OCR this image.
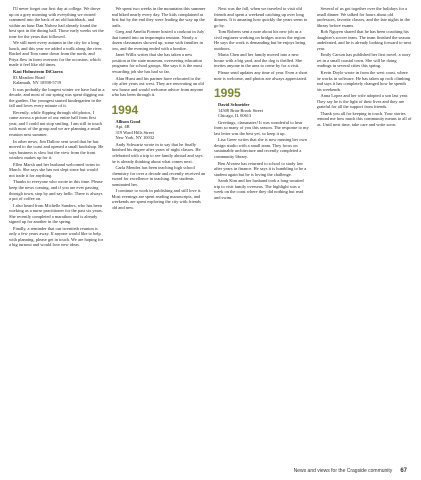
I'll never forget our first day at college. We drove up on a grey morning with everything we owned crammed into the back of an old hatchback, and within an hour Dan Nalvez had already found the best spot in the dining hall. Those early weeks set the tone for the years that followed.

We still meet every autumn in the city for a long lunch, and this year we added a walk along the river. Rachel and Tom came down from the north, and Priya flew in from overseas for the occasion, which made it feel like old times.

Kasi Holmstrom DiCiarra
83 Meadow Road
Kalamath, NY 10598-5719

It was probably the longest winter we have had in a decade, and most of our spring was spent digging out the garden. Our youngest started kindergarten in the fall and loves every minute of it.

Recently, while flipping through old photos, I came across a picture of our entire hall from first year, and I could not stop smiling. I am still in touch with most of the group and we are planning a small reunion next summer.

In other news, Jim Dallow sent word that he has moved to the coast and opened a small bookshop. He says business is slow but the view from the front window makes up for it.

Ellen Marsh and her husband welcomed twins in March. She says she has not slept since but would not trade it for anything.

Thanks to everyone who wrote in this time. Please keep the news coming, and if you are ever passing through town, stop by and say hello. There is always a pot of coffee on.

I also heard from Michelle Sanders, who has been working as a nurse practitioner for the past six years. She recently completed a marathon and is already signed up for another in the spring.

Finally, a reminder that our twentieth reunion is only a few years away. If anyone would like to help with planning, please get in touch. We are hoping for a big turnout and would love new ideas.

We spent two weeks in the mountains this summer and hiked nearly every day. The kids complained at first but by the end they were leading the way up the trails.

Greg and Amelia Fortner hosted a cookout in July that turned into an impromptu reunion. Nearly a dozen classmates showed up, some with families in tow, and the evening ended with a bonfire.

Janet Willis writes that she has taken a new position at the state museum, overseeing education programs for school groups. She says it is the most rewarding job she has had so far.

Alan Hurst and his partner have relocated to the city after years out west. They are renovating an old row house and would welcome advice from anyone who has been through it.

1994

Allison Good
Apt. 4B
319 Ward Hills Street
New York, NY 10032

Andy Schwartz wrote in to say that he finally finished his degree after years of night classes. He celebrated with a trip to see family abroad and says he is already thinking about what comes next.

Carla Mendez has been teaching high school chemistry for over a decade and recently received an award for excellence in teaching. Her students nominated her.

I continue to work in publishing and still love it. Most evenings are spent reading manuscripts, and weekends are spent exploring the city with friends old and new.

Next was the fall, when we traveled to visit old friends and spent a weekend catching up over long dinners. It is amazing how quickly the years seem to go by.

Tom Roberts sent a note about his new job as a civil engineer working on bridges across the region. He says the work is demanding but he enjoys being outdoors.

Maria Chen and her family moved into a new house with a big yard, and the dog is thrilled. She invites anyone in the area to come by for a visit.

Please send updates any time of year. Even a short note is welcome, and photos are always appreciated.

1995

David Schneider
14508 Briar Brook Street
Chicago, IL 60613

Greetings, classmates! It was wonderful to hear from so many of you this season. The response to my last letter was the best yet, so keep it up.

Lisa Greer writes that she is now running her own design studio with a small team. They focus on sustainable architecture and recently completed a community library.

Ben Alvarez has returned to school to study law after years in finance. He says it is humbling to be a student again but he is loving the challenge.

Sarah Kim and her husband took a long-awaited trip to visit family overseas. The highlight was a week on the coast where they did nothing but read and swim.

Several of us got together over the holidays for a small dinner. We talked for hours about old professors, favorite classes, and the late nights in the library before exams.

Rob Nguyen shared that he has been coaching his daughter's soccer team. The team finished the season undefeated, and he is already looking forward to next year.

Emily Carson has published her first novel, a story set in a small coastal town. She will be doing readings in several cities this spring.

Kevin Doyle wrote in from the west coast, where he works in software. He has taken up rock climbing and says it has completely changed how he spends his weekends.

Anna Lopez and her wife adopted a son last year. They say he is the light of their lives and they are grateful for all the support from friends.

Thank you all for keeping in touch. Your stories remind me how much this community means to all of us. Until next time, take care and write soon.

News and views for the Cragside community 67
